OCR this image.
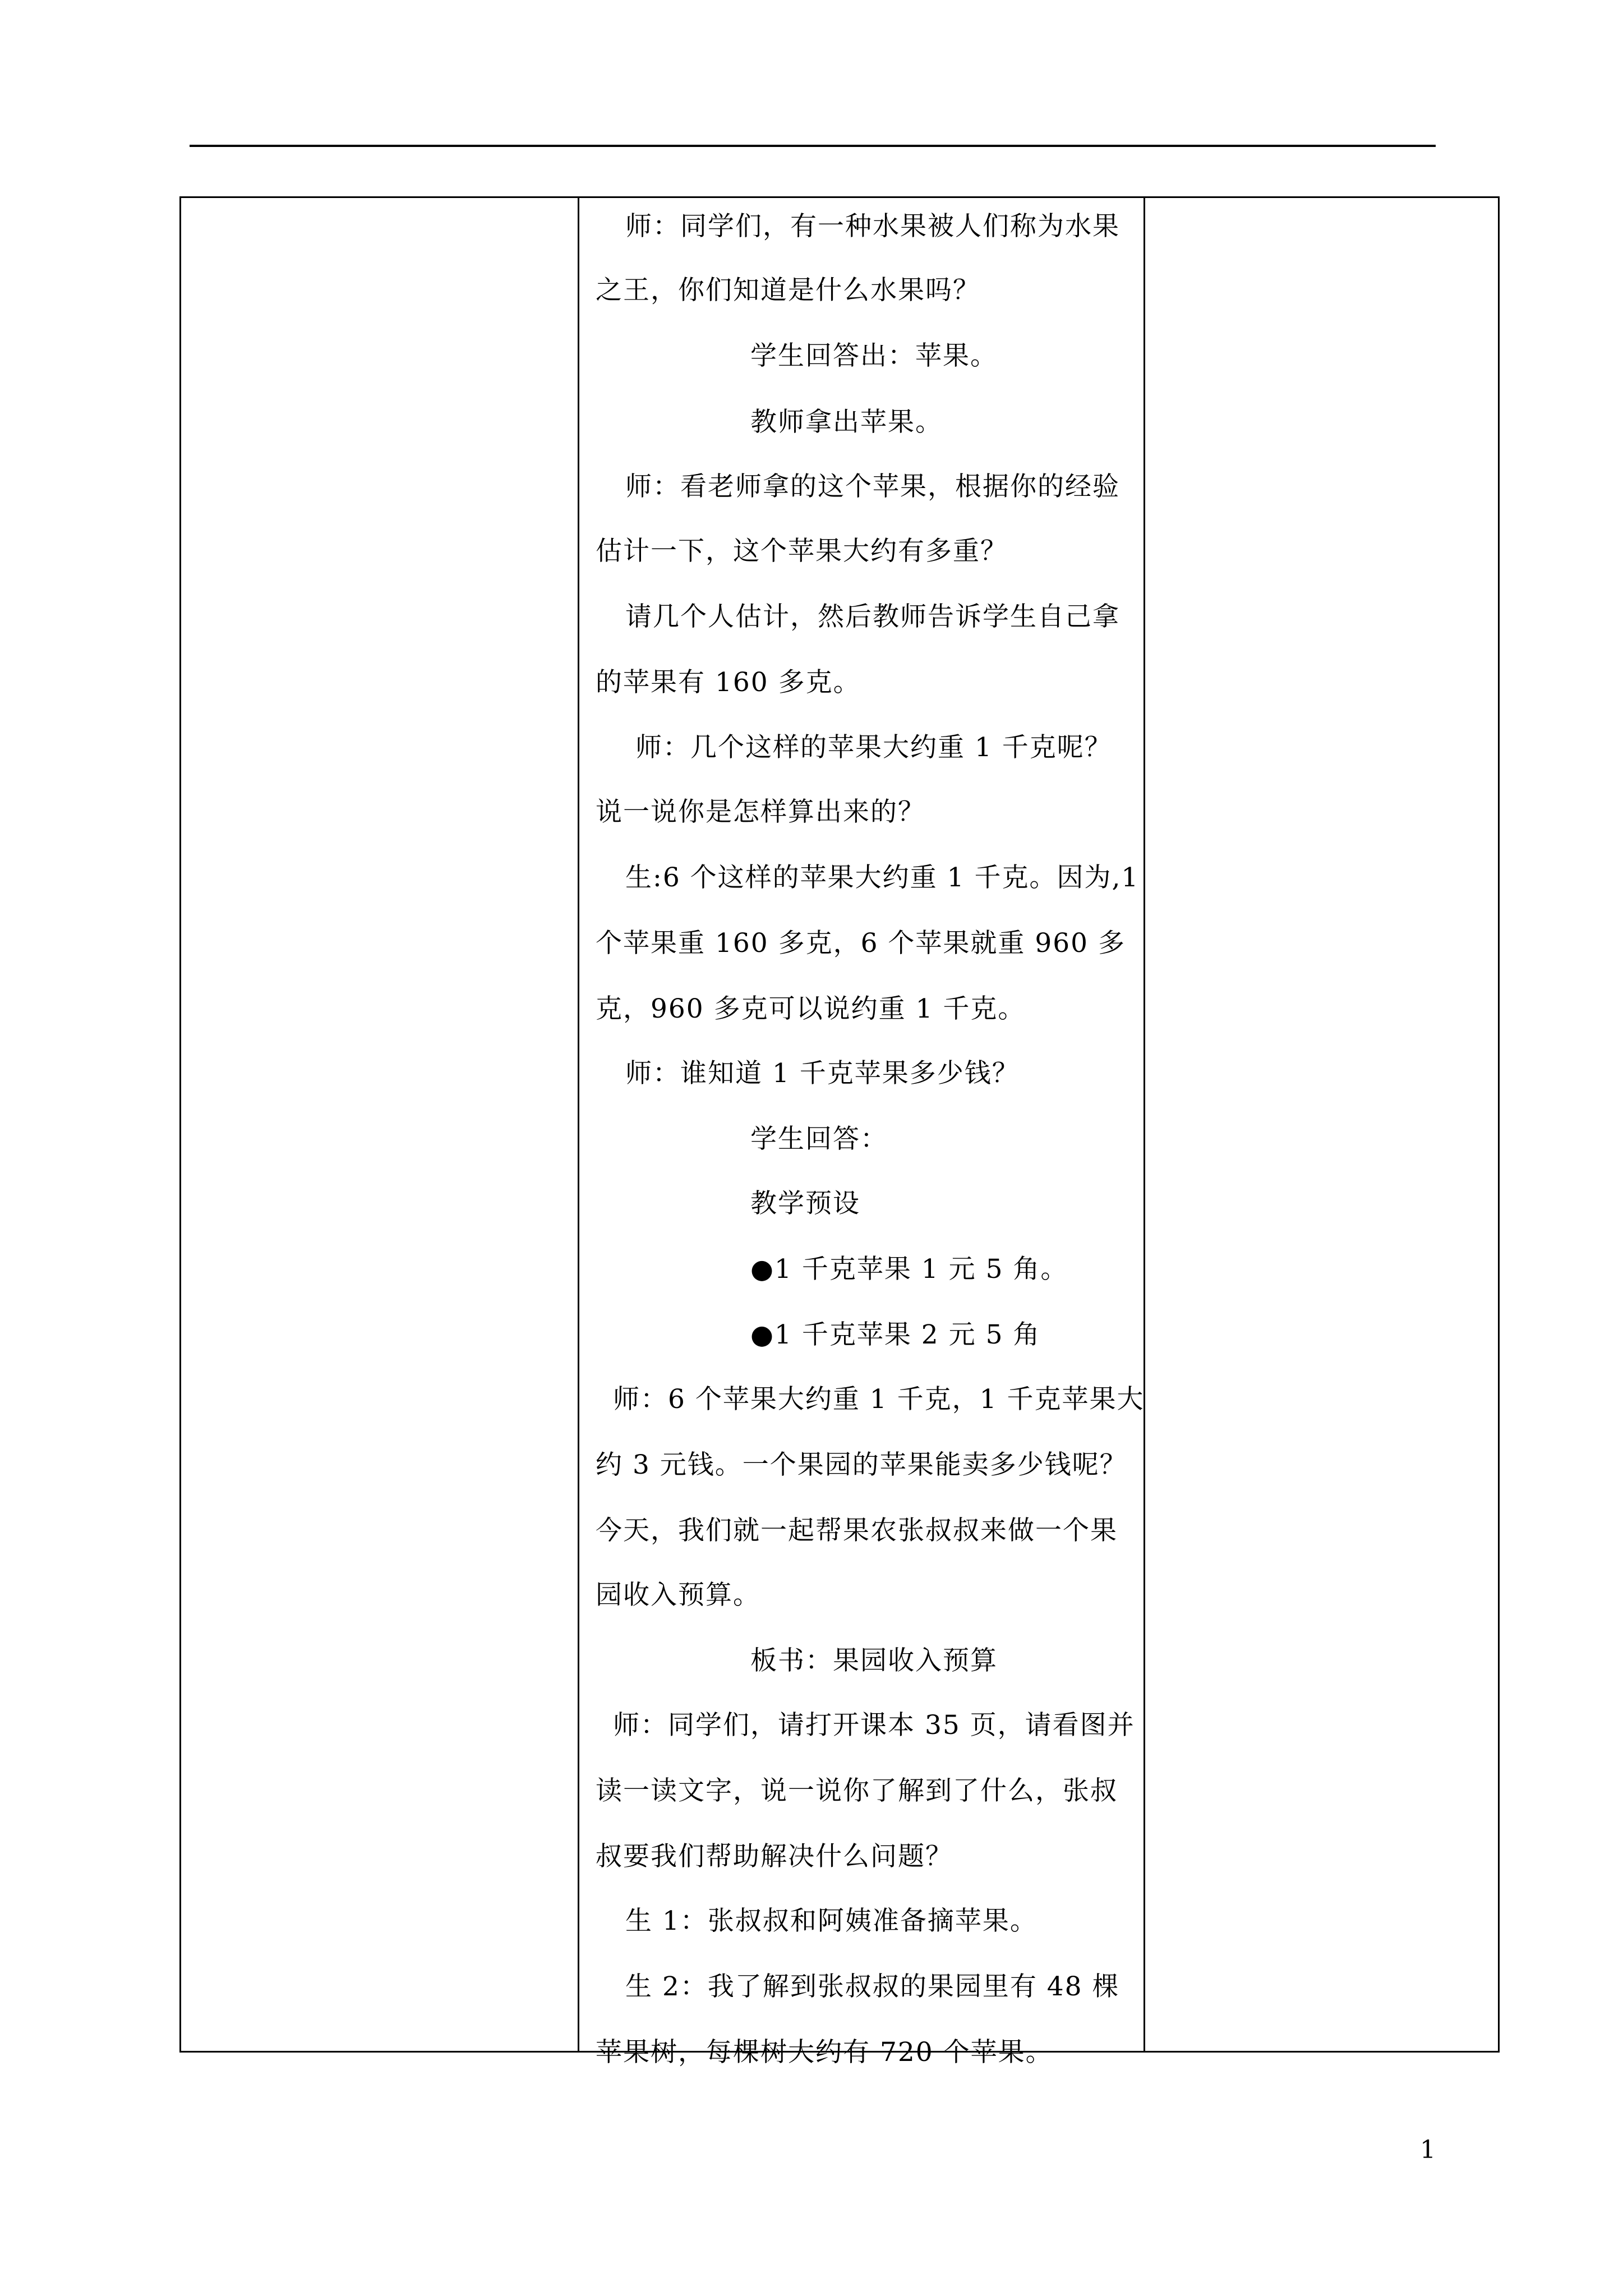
师：同学们，有一种水果被人们称为水果
之王，你们知道是什么水果吗？
学生回答出：苹果。
教师拿出苹果。
师：看老师拿的这个苹果，根据你的经验
估计一下，这个苹果大约有多重？
请几个人估计，然后教师告诉学生自己拿
的苹果有 160 多克。
师：几个这样的苹果大约重 1 千克呢？
说一说你是怎样算出来的？
生:6 个这样的苹果大约重 1 千克。因为,1
个苹果重 160 多克，6 个苹果就重 960 多
克，960 多克可以说约重 1 千克。
师：谁知道 1 千克苹果多少钱？
学生回答：
教学预设
●1 千克苹果 1 元 5 角。
●1 千克苹果 2 元 5 角
师：6 个苹果大约重 1 千克，1 千克苹果大
约 3 元钱。一个果园的苹果能卖多少钱呢？
今天，我们就一起帮果农张叔叔来做一个果
园收入预算。
板书：果园收入预算
师：同学们，请打开课本 35 页，请看图并
读一读文字，说一说你了解到了什么，张叔
叔要我们帮助解决什么问题？
生 1：张叔叔和阿姨准备摘苹果。
生 2：我了解到张叔叔的果园里有 48 棵
苹果树，每棵树大约有 720 个苹果。

1
